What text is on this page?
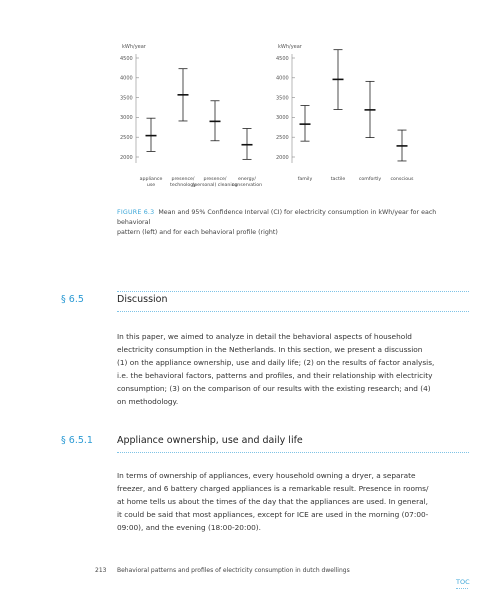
kWh/year
2000
2500
3000
3500
4000
4500
appliance
use
presence/
technology
presence/
(personal) cleaning
energy/
conservation
kWh/year
2000
2500
3000
3500
4000
4500
family	tactile	comfortly conscious
FIGURE 6.3 Mean and 95% Confidence Interval (CI) for electricity consumption in kWh/year for each behavioral
pattern (left) and for each behavioral profile (right)
§ 6.5	Discussion
In this paper, we aimed to analyze in detail the behavioral aspects of household
electricity consumption in the Netherlands. In this section, we present a discussion
(1) on the appliance ownership, use and daily life; (2) on the results of factor analysis,
i.e. the behavioral factors, patterns and profiles, and their relationship with electricity
consumption; (3) on the comparison of our results with the existing research; and (4)
on methodology.
§ 6.5.1	Appliance ownership, use and daily life
In terms of ownership of appliances, every household owning a dryer, a separate
freezer, and 6 battery charged appliances is a remarkable result. Presence in rooms/
at home tells us about the times of the day that the appliances are used. In general,
it could be said that most appliances, except for ICE are used in the morning (07:00-
09:00), and the evening (18:00-20:00).
213 Behavioral patterns and profiles of electricity consumption in dutch dwellings
TOC
